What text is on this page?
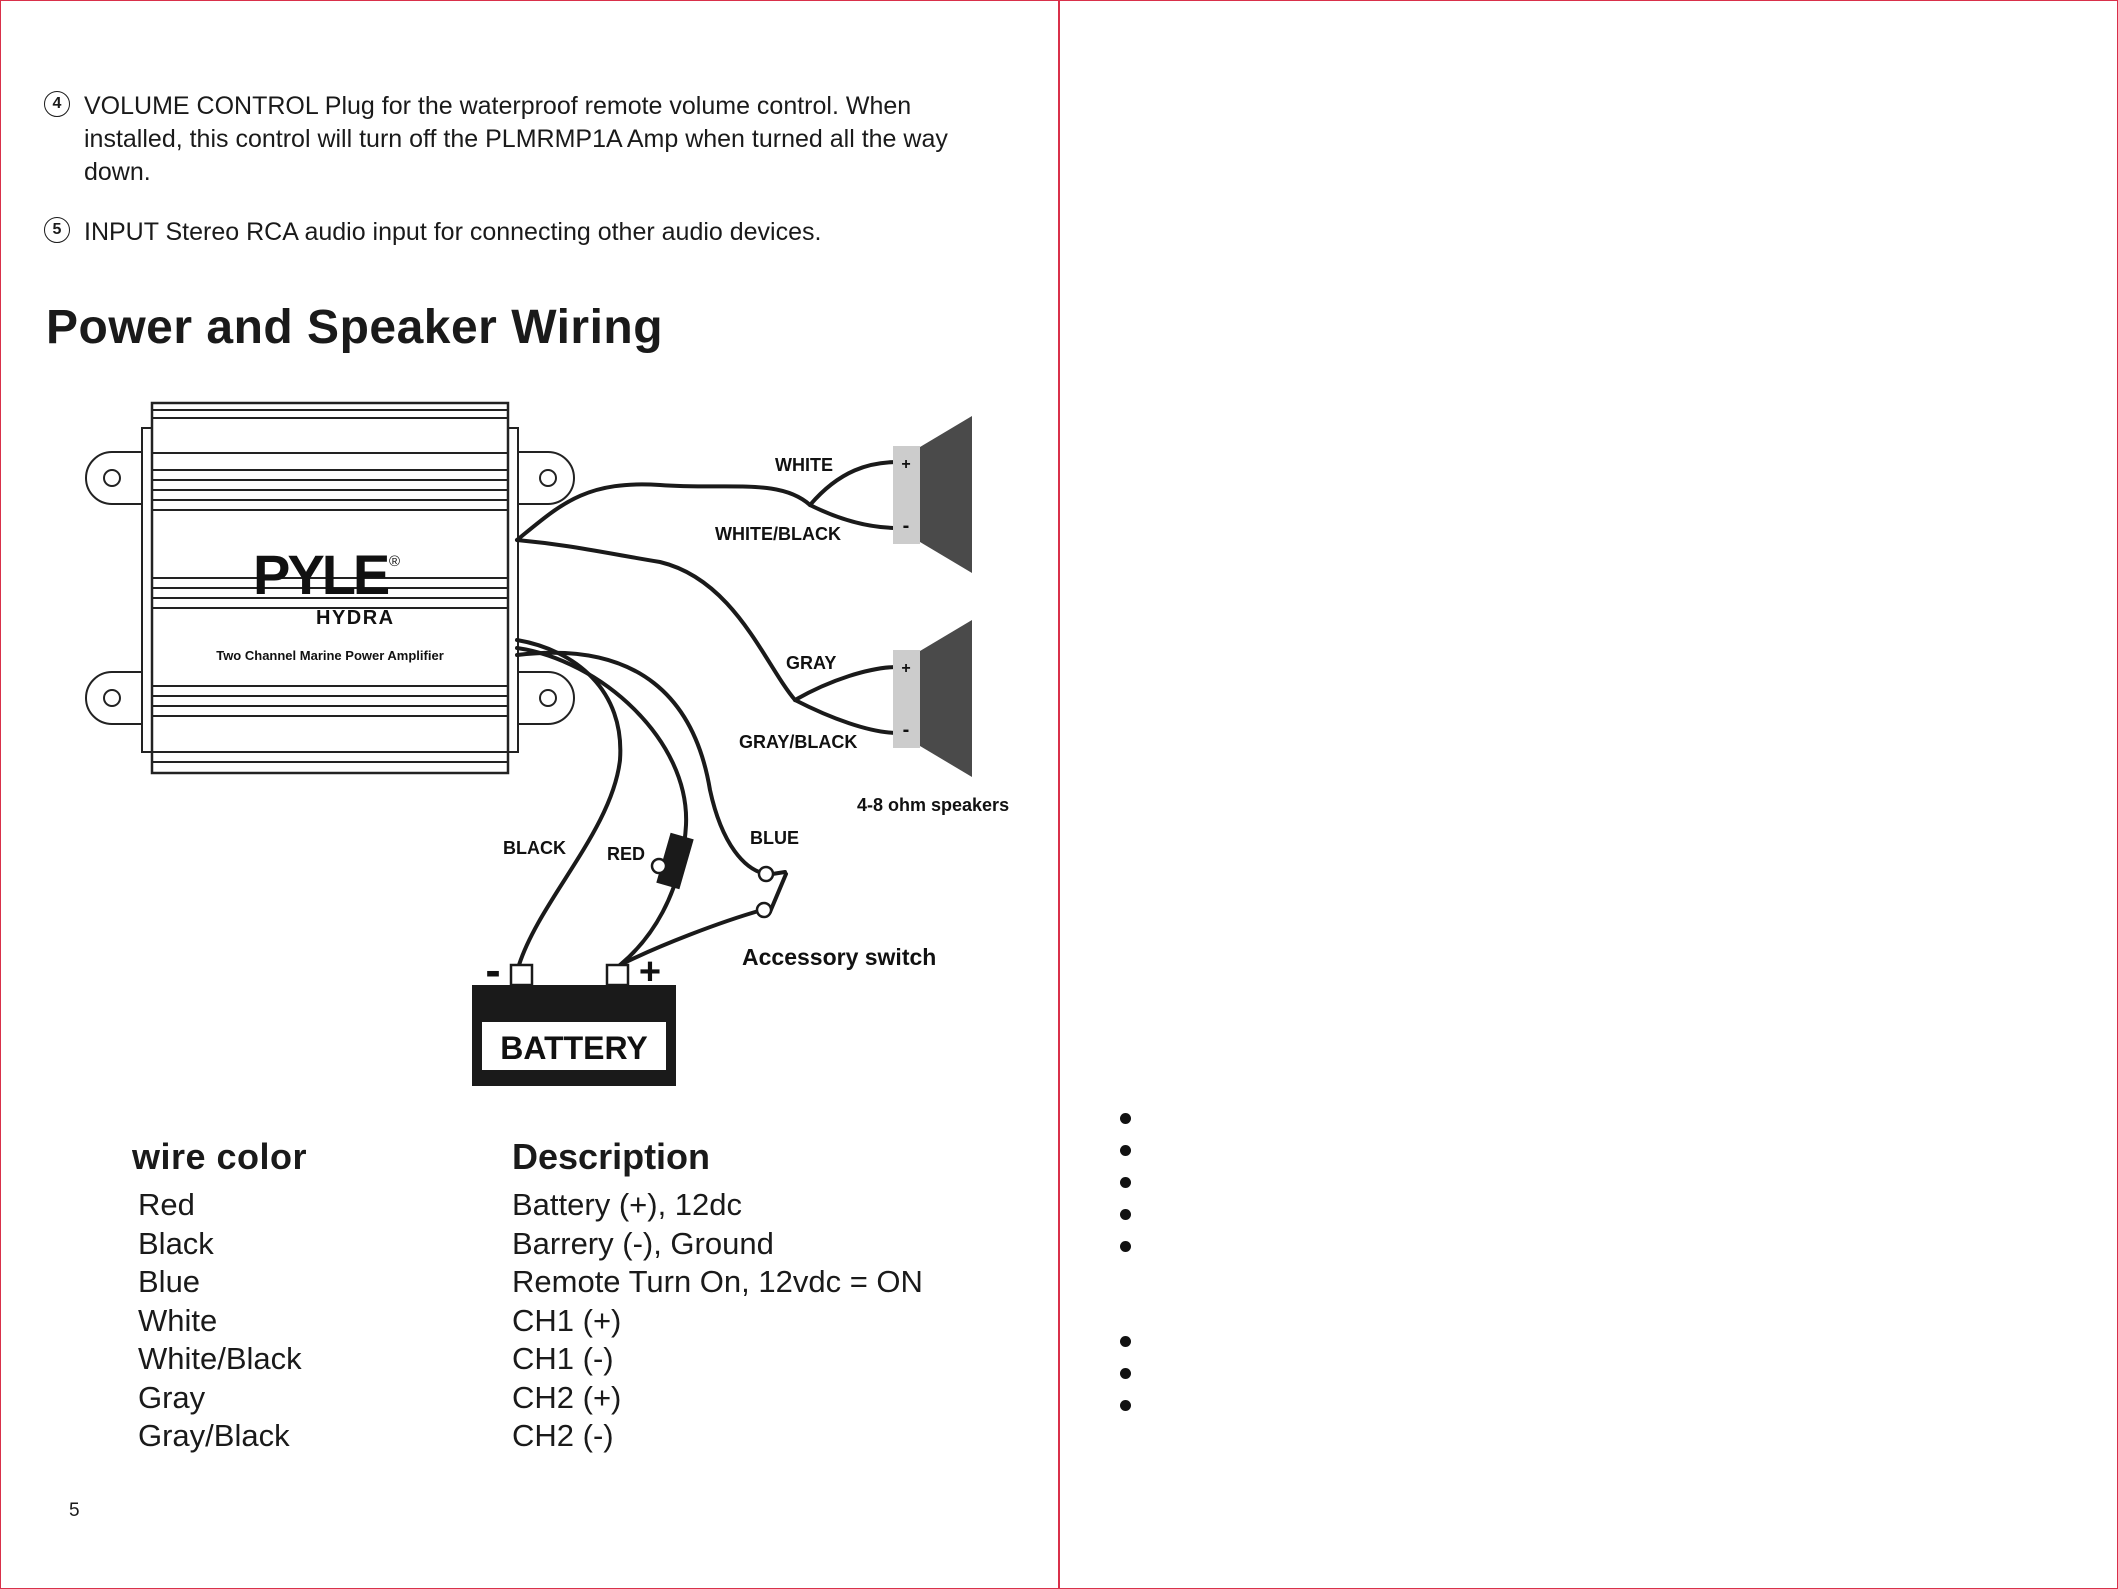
4 VOLUME CONTROL Plug for the waterproof remote volume control. When installed, this control will turn off the PLMRMP1A Amp when turned all the way down.
5 INPUT Stereo RCA audio input for connecting other audio devices.
Power and Speaker Wiring
PYLE ®
HYDRA
Two Channel Marine Power Amplifier
+
-
+
-
BATTERY
-	+
WHITE
WHITE/BLACK
GRAY
GRAY/BLACK
4-8 ohm speakers
BLACK RED
BLUE
Accessory switch
wire color	Description
Red
Black
Blue
White
White/Black
Gray
Gray/Black
Battery (+), 12dc
Barrery (-), Ground
Remote Turn On, 12vdc = ON
CH1 (+)
CH1 (-)
CH2 (+)
CH2 (-)
5
